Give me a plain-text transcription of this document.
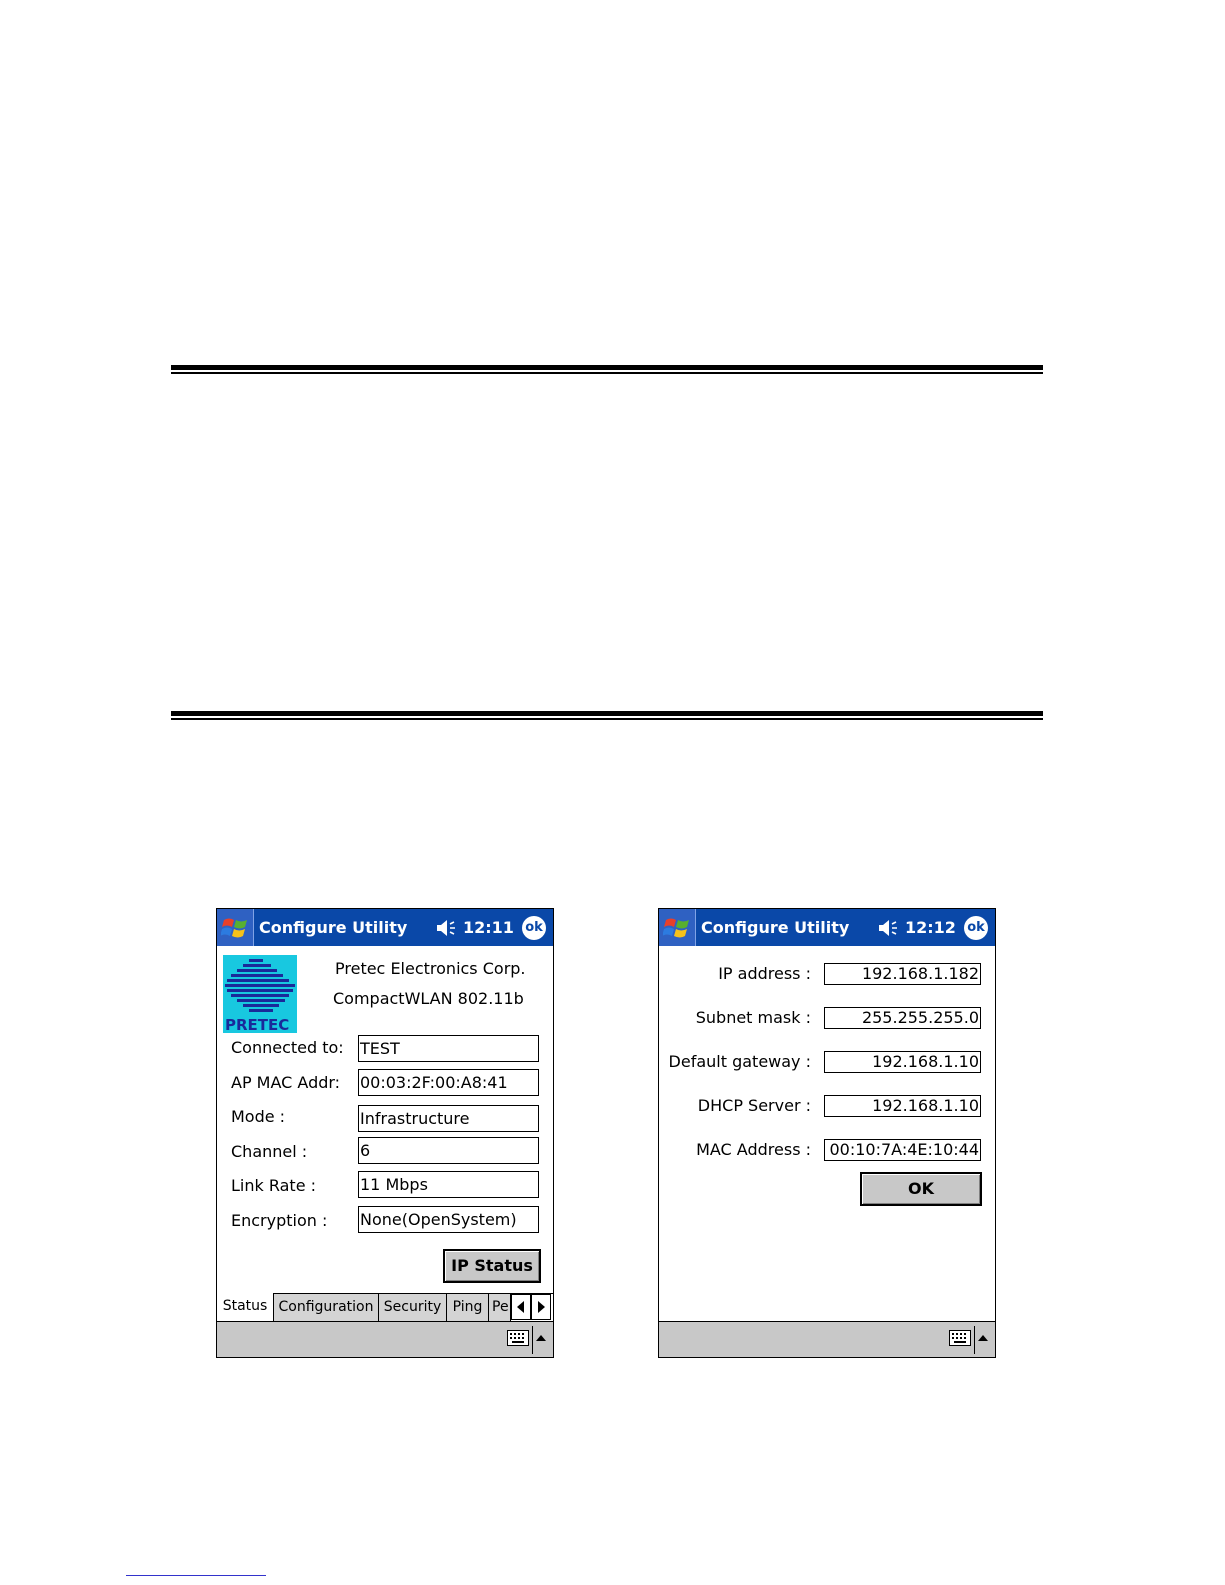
Configure Utility	12:11 ok
PRETEC
Pretec Electronics Corp.
CompactWLAN 802.11b
Connected to: TEST
AP MAC Addr: 00:03:2F:00:A8:41
Mode :	Infrastructure
Channel :	6
Link Rate :	11 Mbps
Encryption : None(OpenSystem)
IP Status
Status Configuration Security Ping Pe
Configure Utility	12:12 ok
IP address :	192.168.1.182
Subnet mask :	255.255.255.0
Default gateway :	192.168.1.10
DHCP Server :	192.168.1.10
MAC Address :	00:10:7A:4E:10:44
OK
